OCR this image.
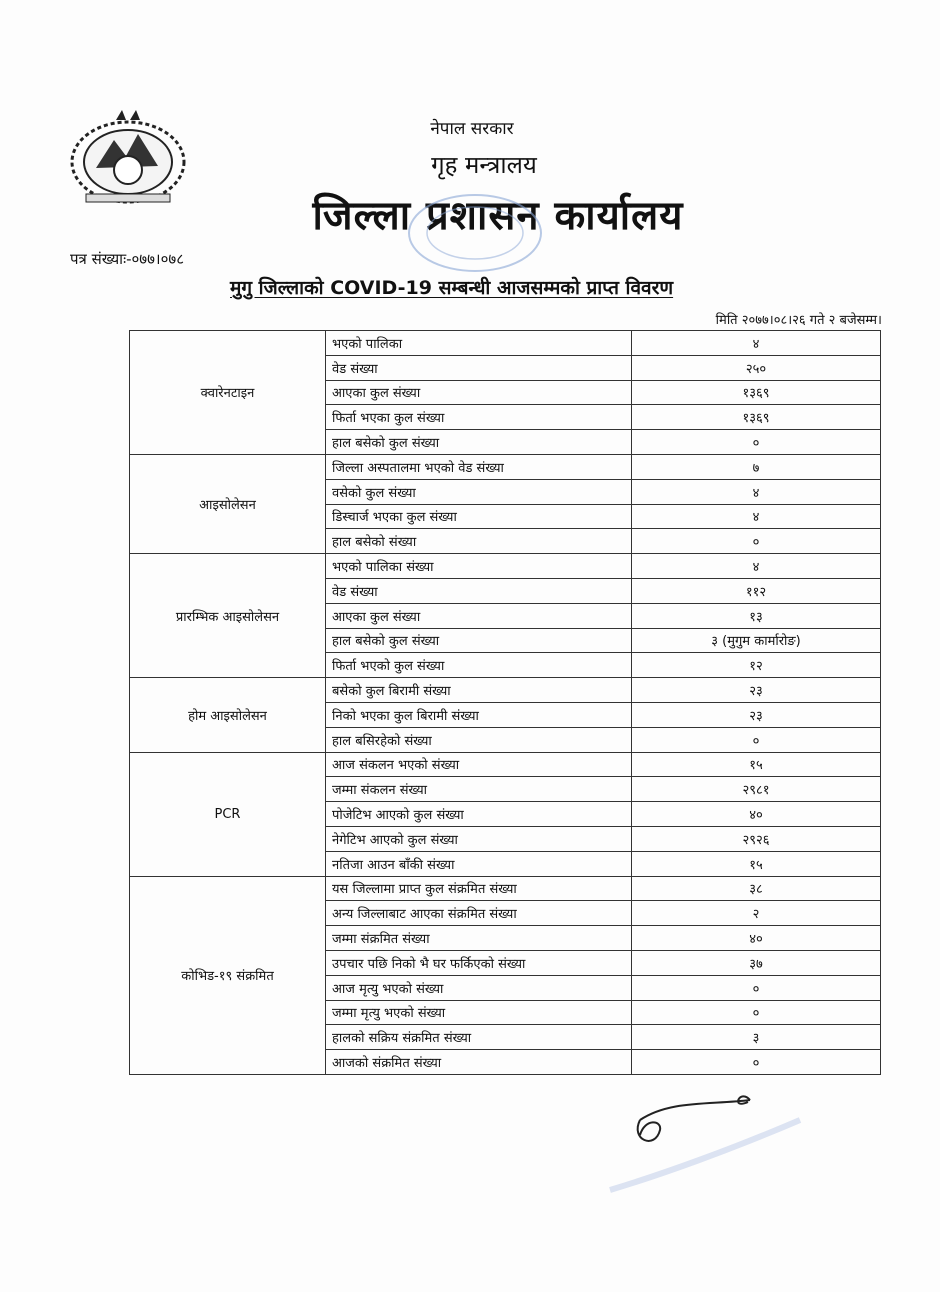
नेपाल सरकार
गृह मन्त्रालय
जिल्ला प्रशासन कार्यालय
पत्र संख्याः-०७७।०७८
मुगु जिल्लाको COVID-19 सम्बन्धी आजसम्मको प्राप्त विवरण
मिति २०७७।०८।२६ गते २ बजेसम्म।
क्वारेनटाइन	भएको पालिका	४
	वेड संख्या	२५०
	आएका कुल संख्या	१३६९
	फिर्ता भएका कुल संख्या	१३६९
	हाल बसेको कुल संख्या	०
आइसोलेसन	जिल्ला अस्पतालमा भएको वेड संख्या	७
	वसेको कुल संख्या	४
	डिस्चार्ज भएका कुल संख्या	४
	हाल बसेको संख्या	०
प्रारम्भिक आइसोलेसन	भएको पालिका संख्या	४
	वेड संख्या	११२
	आएका कुल संख्या	१३
	हाल बसेको कुल संख्या	३ (मुगुम कार्मारोङ)
	फिर्ता भएको कुल संख्या	१२
होम आइसोलेसन	बसेको कुल बिरामी संख्या	२३
	निको भएका कुल बिरामी संख्या	२३
	हाल बसिरहेको संख्या	०
PCR	आज संकलन भएको संख्या	१५
	जम्मा संकलन संख्या	२९८१
	पोजेटिभ आएको कुल संख्या	४०
	नेगेटिभ आएको कुल संख्या	२९२६
	नतिजा आउन बाँकी संख्या	१५
कोभिड-१९ संक्रमित	यस जिल्लामा प्राप्त कुल संक्रमित संख्या	३८
	अन्य जिल्लाबाट आएका संक्रमित संख्या	२
	जम्मा संक्रमित संख्या	४०
	उपचार पछि निको भै घर फर्किएको संख्या	३७
	आज मृत्यु भएको संख्या	०
	जम्मा मृत्यु भएको संख्या	०
	हालको सक्रिय संक्रमित संख्या	३
	आजको संक्रमित संख्या	०
